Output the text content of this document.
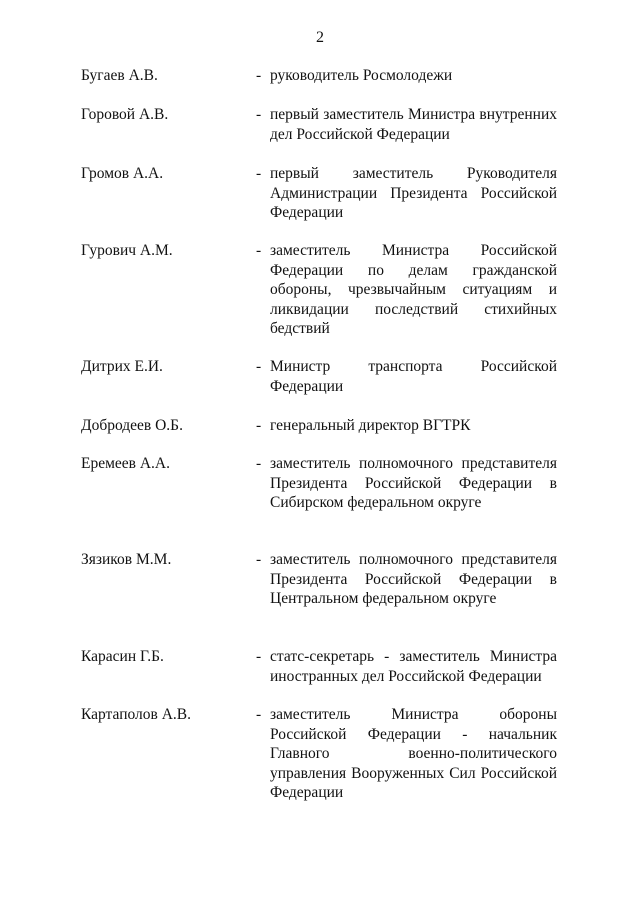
2
Бугаев А.В.	- руководитель Росмолодежи
Горовой А.В.	- первый заместитель Министра внутренних дел Российской Федерации
Громов А.А.	- первый заместитель Руководителя Администрации Президента Российской Федерации
Гурович А.М.	- заместитель Министра Российской Федерации по делам гражданской обороны, чрезвычайным ситуациям и ликвидации последствий стихийных бедствий
Дитрих Е.И.	- Министр транспорта Российской Федерации
Добродеев О.Б.	- генеральный директор ВГТРК
Еремеев А.А.	- заместитель полномочного представителя Президента Российской Федерации в Сибирском федеральном округе
Зязиков М.М.	- заместитель полномочного представителя Президента Российской Федерации в Центральном федеральном округе
Карасин Г.Б.	- статс-секретарь - заместитель Министра иностранных дел Российской Федерации
Картаполов А.В.	- заместитель Министра обороны Российской Федерации - начальник Главного военно-политического управления Вооруженных Сил Российской Федерации
